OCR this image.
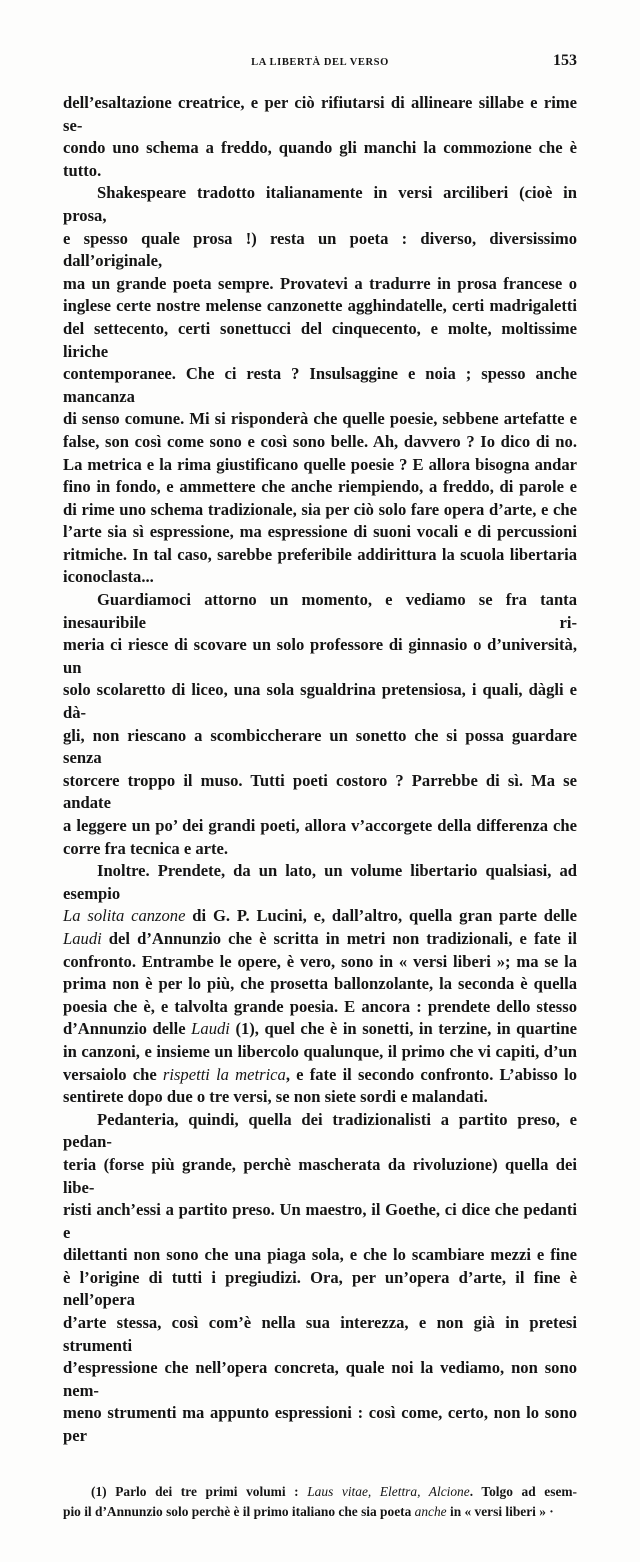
LA LIBERTÀ DEL VERSO	153
dell’esaltazione creatrice, e per ciò rifiutarsi di allineare sillabe e rime se-
condo uno schema a freddo, quando gli manchi la commozione che è tutto.
Shakespeare tradotto italianamente in versi arciliberi (cioè in prosa,
e spesso quale prosa !) resta un poeta : diverso, diversissimo dall’originale,
ma un grande poeta sempre. Provatevi a tradurre in prosa francese o
inglese certe nostre melense canzonette agghindatelle, certi madrigaletti
del settecento, certi sonettucci del cinquecento, e molte, moltissime liriche
contemporanee. Che ci resta ? Insulsaggine e noia ; spesso anche mancanza
di senso comune. Mi si risponderà che quelle poesie, sebbene artefatte e
false, son così come sono e così sono belle. Ah, davvero ? Io dico di no.
La metrica e la rima giustificano quelle poesie ? E allora bisogna andar
fino in fondo, e ammettere che anche riempiendo, a freddo, di parole e
di rime uno schema tradizionale, sia per ciò solo fare opera d’arte, e che
l’arte sia sì espressione, ma espressione di suoni vocali e di percussioni
ritmiche. In tal caso, sarebbe preferibile addirittura la scuola libertaria
iconoclasta...
Guardiamoci attorno un momento, e vediamo se fra tanta inesauribile ri-
meria ci riesce di scovare un solo professore di ginnasio o d’università, un
solo scolaretto di liceo, una sola sgualdrina pretensiosa, i quali, dàgli e dà-
gli, non riescano a scombiccherare un sonetto che si possa guardare senza
storcere troppo il muso. Tutti poeti costoro ? Parrebbe di sì. Ma se andate
a leggere un po’ dei grandi poeti, allora v’accorgete della differenza che
corre fra tecnica e arte.
Inoltre. Prendete, da un lato, un volume libertario qualsiasi, ad esempio
La solita canzone di G. P. Lucini, e, dall’altro, quella gran parte delle
Laudi del d’Annunzio che è scritta in metri non tradizionali, e fate il
confronto. Entrambe le opere, è vero, sono in « versi liberi »; ma se la
prima non è per lo più, che prosetta ballonzolante, la seconda è quella
poesia che è, e talvolta grande poesia. E ancora : prendete dello stesso
d’Annunzio delle Laudi (1), quel che è in sonetti, in terzine, in quartine
in canzoni, e insieme un libercolo qualunque, il primo che vi capiti, d’un
versaiolo che rispetti la metrica, e fate il secondo confronto. L’abisso lo
sentirete dopo due o tre versi, se non siete sordi e malandati.
Pedanteria, quindi, quella dei tradizionalisti a partito preso, e pedan-
teria (forse più grande, perchè mascherata da rivoluzione) quella dei libe-
risti anch’essi a partito preso. Un maestro, il Goethe, ci dice che pedanti e
dilettanti non sono che una piaga sola, e che lo scambiare mezzi e fine
è l’origine di tutti i pregiudizi. Ora, per un’opera d’arte, il fine è nell’opera
d’arte stessa, così com’è nella sua interezza, e non già in pretesi strumenti
d’espressione che nell’opera concreta, quale noi la vediamo, non sono nem-
meno strumenti ma appunto espressioni : così come, certo, non lo sono per
(1) Parlo dei tre primi volumi : Laus vitae, Elettra, Alcione. Tolgo ad esem-
pio il d’Annunzio solo perchè è il primo italiano che sia poeta anche in « versi liberi » ·
